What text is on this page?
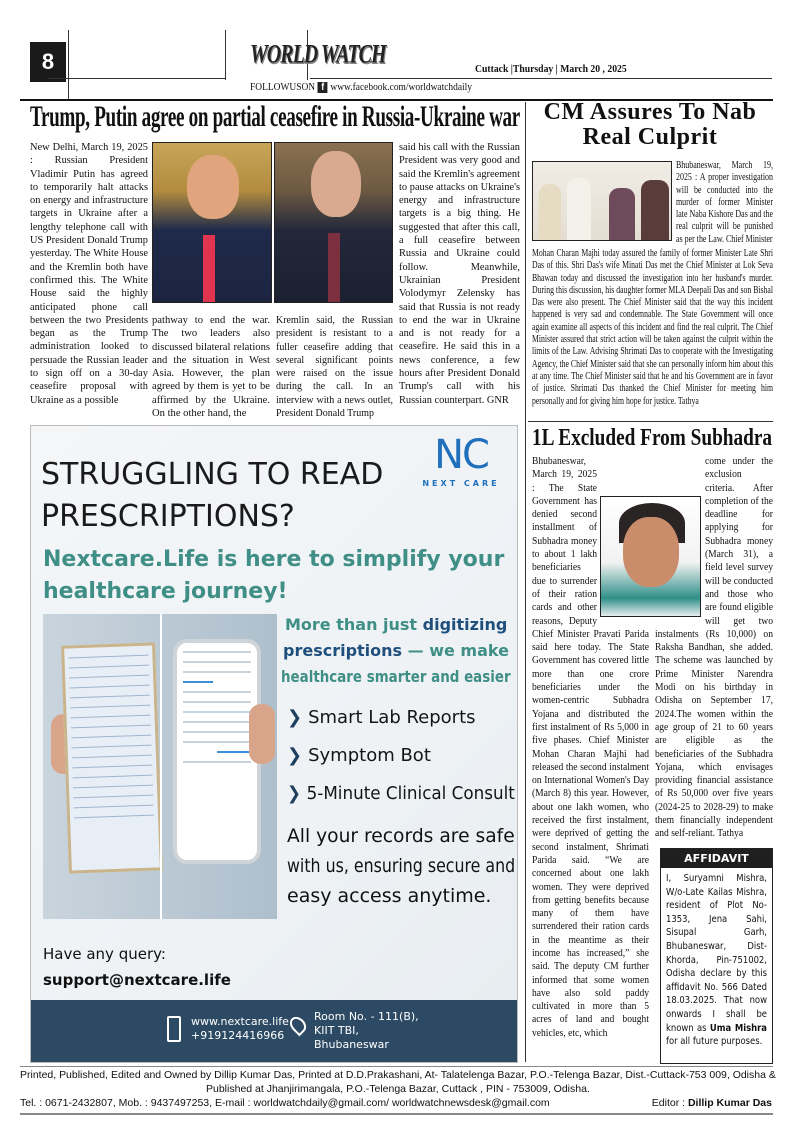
8	WORLD WATCH	Cuttack |Thursday | March 20 , 2025
FOLLOWUSON f www.facebook.com/worldwatchdaily
Trump, Putin agree on partial ceasefire in Russia-Ukraine war
New Delhi, March 19, 2025 : Russian President Vladimir Putin has agreed to temporarily halt attacks on energy and infrastructure targets in Ukraine after a lengthy telephone call with US President Donald Trump yesterday. The White House and the Kremlin both have confirmed this. The White House said the highly anticipated phone call between the two Presidents began as the Trump administration looked to persuade the Russian leader to sign off on a 30-day ceasefire proposal with Ukraine as a possible
pathway to end the war. The two leaders also discussed bilateral relations and the situation in West Asia. However, the plan agreed by them is yet to be affirmed by the Ukraine. On the other hand, the
Kremlin said, the Russian president is resistant to a fuller ceasefire adding that several significant points were raised on the issue during the call. In an interview with a news outlet, President Donald Trump
said his call with the Russian President was very good and said the Kremlin's agreement to pause attacks on Ukraine's energy and infrastructure targets is a big thing. He suggested that after this call, a full ceasefire between Russia and Ukraine could follow. Meanwhile, Ukrainian President Volodymyr Zelensky has said that Russia is not ready to end the war in Ukraine and is not ready for a ceasefire. He said this in a news conference, a few hours after President Donald Trump's call with his Russian counterpart. GNR
CM Assures To Nab Real Culprit
Bhubaneswar, March 19, 2025 : A proper investigation will be conducted into the murder of former Minister late Naba Kishore Das and the real culprit will be punished as per the Law. Chief Minister
Mohan Charan Majhi today assured the family of former Minister Late Shri Das of this. Shri Das's wife Minati Das met the Chief Minister at Lok Seva Bhawan today and discussed the investigation into her husband's murder. During this discussion, his daughter former MLA Deepali Das and son Bishal Das were also present. The Chief Minister said that the way this incident happened is very sad and condemnable. The State Government will once again examine all aspects of this incident and find the real culprit. The Chief Minister assured that strict action will be taken against the culprit within the limits of the Law. Advising Shrimati Das to cooperate with the Investigating Agency, the Chief Minister said that she can personally inform him about this at any time. The Chief Minister said that he and his Government are in favor of justice. Shrimati Das thanked the Chief Minister for meeting him personally and for giving him hope for justice. Tathya
1L Excluded From Subhadra
Bhubaneswar, March 19, 2025 : The State Government has denied second installment of Subhadra money to about 1 lakh beneficiaries due to surrender of their ration cards and other reasons, Deputy Chief Minister Pravati Parida said here today. The State Government has covered little more than one crore beneficiaries under the women-centric Subhadra Yojana and distributed the first instalment of Rs 5,000 in five phases. Chief Minister Mohan Charan Majhi had released the second instalment on International Women's Day (March 8) this year. However, about one lakh women, who received the first instalment, were deprived of getting the second instalment, Shrimati Parida said. “We are concerned about one lakh women. They were deprived from getting benefits because many of them have surrendered their ration cards in the meantime as their income has increased,” she said. The deputy CM further informed that some women have also sold paddy cultivated in more than 5 acres of land and bought vehicles, etc, which
come under the exclusion criteria. After completion of the deadline for applying for Subhadra money (March 31), a field level survey will be conducted and those who are found eligible will get two instalments (Rs 10,000) on Raksha Bandhan, she added. The scheme was launched by Prime Minister Narendra Modi on his birthday in Odisha on September 17, 2024.The women within the age group of 21 to 60 years are eligible as the beneficiaries of the Subhadra Yojana, which envisages providing financial assistance of Rs 50,000 over five years (2024-25 to 2028-29) to make them financially independent and self-reliant. Tathya
AFFIDAVIT
I, Suryamni Mishra, W/o-Late Kailas Mishra, resident of Plot No-1353, Jena Sahi, Sisupal Garh, Bhubaneswar, Dist-Khorda, Pin-751002, Odisha declare by this affidavit No. 566 Dated 18.03.2025. That now onwards I shall be known as Uma Mishra for all future purposes.
NC
NEXT CARE
STRUGGLING TO READ
PRESCRIPTIONS?
Nextcare.Life is here to simplify your
healthcare journey!
More than just digitizing
prescriptions — we make
healthcare smarter and easier
❯ Smart Lab Reports
❯ Symptom Bot
❯ 5-Minute Clinical Consult
All your records are safe
with us, ensuring secure and
easy access anytime.
Have any query:
support@nextcare.life
www.nextcare.life
+919124416966
Room No. - 111(B),
KIIT TBI,
Bhubaneswar
Printed, Published, Edited and Owned by Dillip Kumar Das, Printed at D.D.Prakashani, At- Talatelenga Bazar, P.O.-Telenga Bazar, Dist.-Cuttack-753 009, Odisha &
Published at Jhanjirimangala, P.O.-Telenga Bazar, Cuttack , PIN - 753009, Odisha.
Tel. : 0671-2432807, Mob. : 9437497253, E-mail : worldwatchdaily@gmail.com/ worldwatchnewsdesk@gmail.com	Editor : Dillip Kumar Das
